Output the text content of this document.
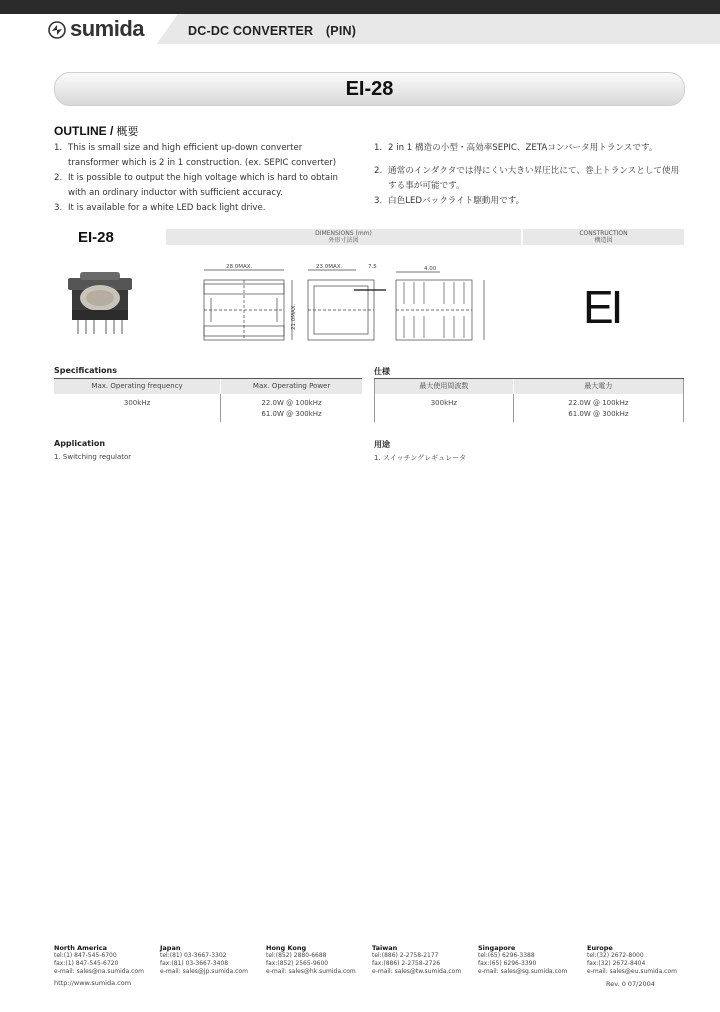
sumida	DC-DC CONVERTER　(PIN)
EI-28
OUTLINE / 概要
1. This is small size and high efficient up-down converter transformer which is 2 in 1 construction. (ex. SEPIC converter)
2. It is possible to output the high voltage which is hard to obtain with an ordinary inductor with sufficient accuracy.
3. It is available for a white LED back light drive.
1. 2 in 1 構造の小型・高効率SEPIC、ZETAコンバータ用トランスです。
2. 通常のインダクタでは得にくい大きい昇圧比にて、巻上トランスとして使用する事が可能です。
3. 白色LEDバックライト駆動用です。
EI-28	DIMENSIONS (mm)
外形寸法図
CONSTRUCTION
構造図
28.0MAX.
21.0MAX.
23.0MAX.	7.5	4.00
EI
Specifications
Max. Operating frequency	Max. Operating Power
300kHz	22.0W @ 100kHz
61.0W @ 300kHz
仕様
最大使用周波数	最大電力
300kHz	22.0W @ 100kHz
61.0W @ 300kHz
Application
1. Switching regulator
用途
1. スイッチングレギュレータ
North America
tel:(1) 847-545-6700
fax:(1) 847-545-6720
e-mail: sales@na.sumida.com
Japan
tel:(81) 03-3667-3302
fax:(81) 03-3667-3408
e-mail: sales@jp.sumida.com
Hong Kong
tel:(852) 2880-6688
fax:(852) 2565-9600
e-mail: sales@hk.sumida.com
Taiwan
tel:(886) 2-2758-2177
fax:(886) 2-2758-2726
e-mail: sales@tw.sumida.com
Singapore
tel:(65) 6296-3388
fax:(65) 6296-3390
e-mail: sales@sg.sumida.com
Europe
tel:(32) 2672-8000
fax:(32) 2672-8404
e-mail: sales@eu.sumida.com
http://www.sumida.com	Rev. 0 07/2004
